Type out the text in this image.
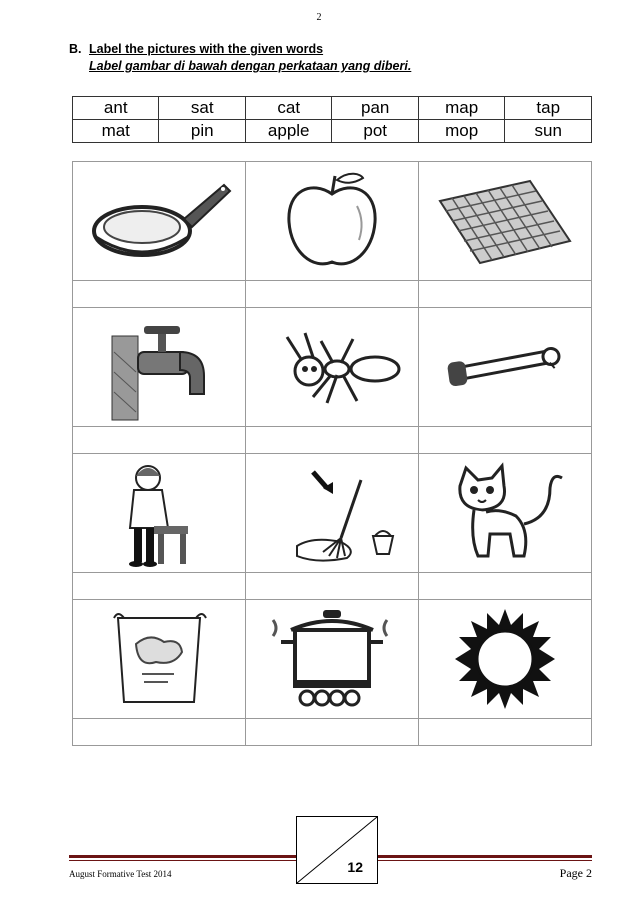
2
B. Label the pictures with the given words
Label gambar di bawah dengan perkataan yang diberi.
ant	sat	cat	pan	map	tap
mat	pin	apple	pot	mop	sun

12
August Formative Test 2014	Page 2
